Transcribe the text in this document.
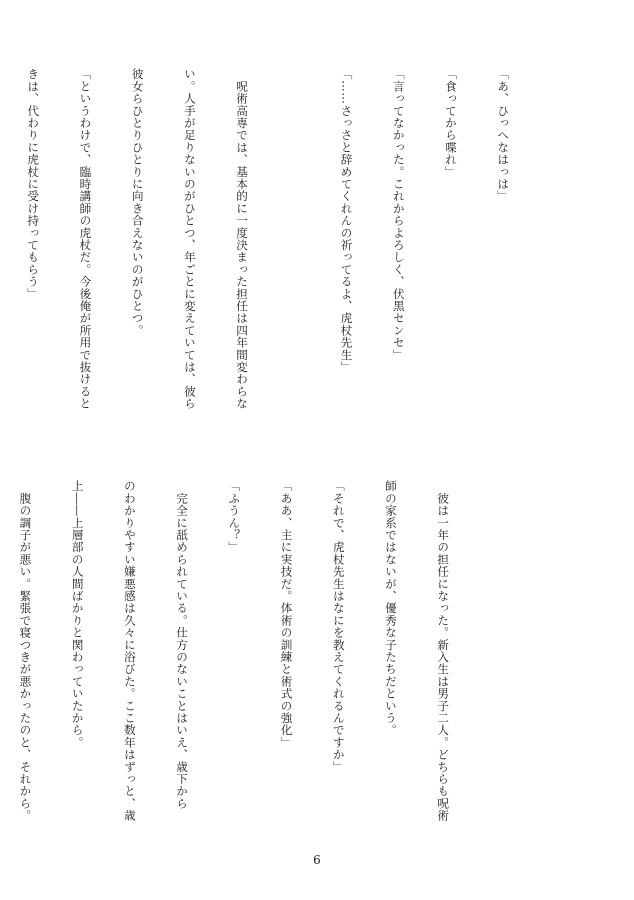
「あ、ひっへなはっは」

「食ってから喋れ」

「言ってなかった。これからよろしく、伏黒センセ」

「……さっさと辞めてくれんの祈ってるよ、虎杖先生」

　呪術高専では、基本的に一度決まった担任は四年間変わらな

い。人手が足りないのがひとつ、年ごとに変えていては、彼ら

彼女らひとりひとりに向き合えないのがひとつ。

「というわけで、臨時講師の虎杖だ。今後俺が所用で抜けると

きは、代わりに虎杖に受け持ってもらう」

　彼は一年の担任になった。新入生は男子二人。どちらも呪術

師の家系ではないが、優秀な子たちだという。

「それで、虎杖先生はなにを教えてくれるんですか」

「ああ、主に実技だ。体術の訓練と術式の強化」

「ふうん？」

　完全に舐められている。仕方のないことはいえ、歳下から

のわかりやすい嫌悪感は久々に浴びた。ここ数年はずっと、歳

上――上層部の人間ばかりと関わっていたから。

　腹の調子が悪い。緊張で寝つきが悪かったのと、それから。

6
